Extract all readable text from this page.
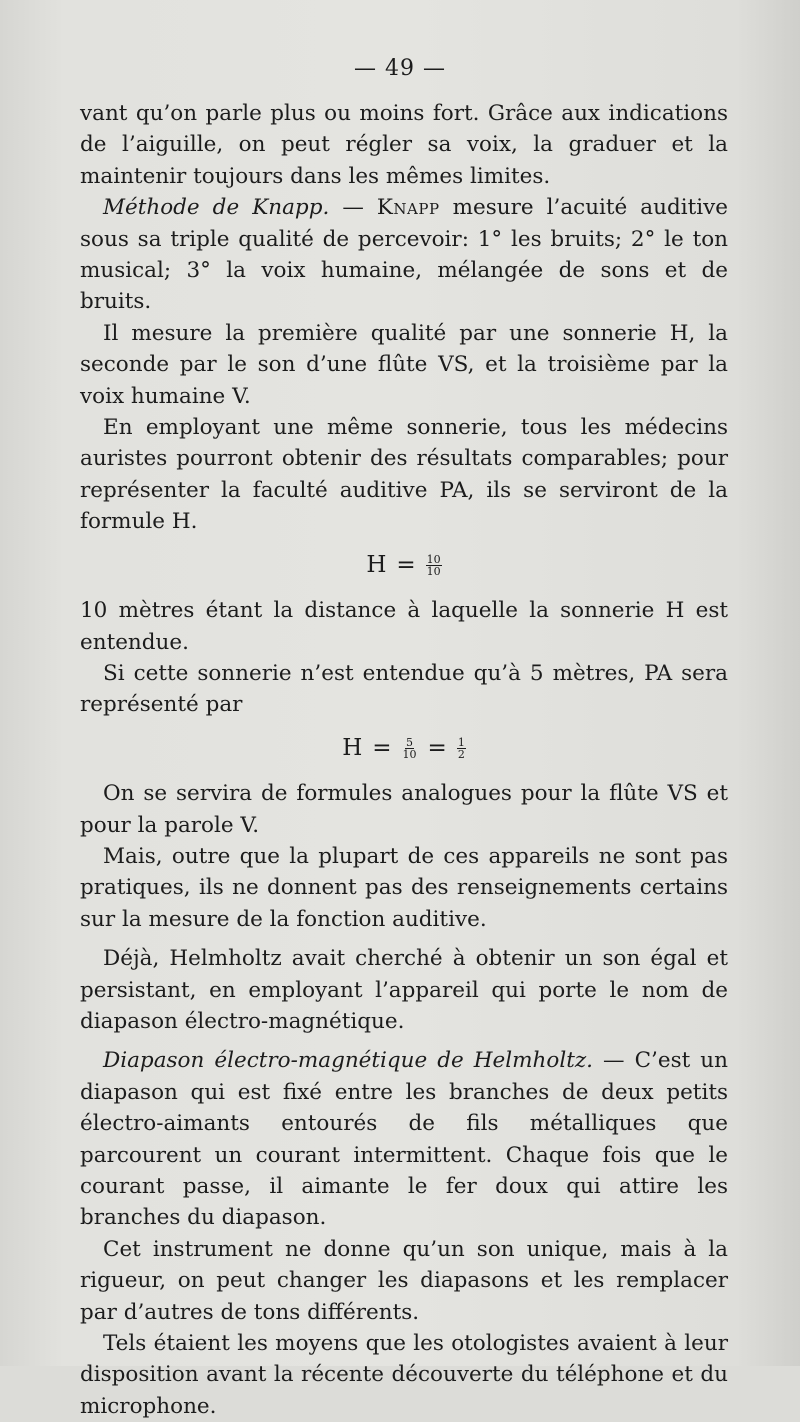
— 49 —

vant qu’on parle plus ou moins fort. Grâce aux indications de l’aiguille, on peut régler sa voix, la graduer et la maintenir toujours dans les mêmes limites.

Méthode de Knapp. — Knapp mesure l’acuité auditive sous sa triple qualité de percevoir: 1° les bruits; 2° le ton musical; 3° la voix humaine, mélangée de sons et de bruits.

Il mesure la première qualité par une sonnerie H, la seconde par le son d’une flûte VS, et la troisième par la voix humaine V.

En employant une même sonnerie, tous les médecins auristes pourront obtenir des résultats comparables; pour représenter la faculté auditive PA, ils se serviront de la formule H.

$H = \frac{10}{10}$

10 mètres étant la distance à laquelle la sonnerie H est entendue.

Si cette sonnerie n’est entendue qu’à 5 mètres, PA sera représenté par

$H = \frac{5}{10} = \frac{1}{2}$

On se servira de formules analogues pour la flûte VS et pour la parole V.

Mais, outre que la plupart de ces appareils ne sont pas pratiques, ils ne donnent pas des renseignements certains sur la mesure de la fonction auditive.

Déjà, Helmholtz avait cherché à obtenir un son égal et persistant, en employant l’appareil qui porte le nom de diapason électro-magnétique.

Diapason électro-magnétique de Helmholtz. — C’est un diapason qui est fixé entre les branches de deux petits électro-aimants entourés de fils métalliques que parcourent un courant intermittent. Chaque fois que le courant passe, il aimante le fer doux qui attire les branches du diapason.

Cet instrument ne donne qu’un son unique, mais à la rigueur, on peut changer les diapasons et les remplacer par d’autres de tons différents.

Tels étaient les moyens que les otologistes avaient à leur disposition avant la récente découverte du téléphone et du microphone.
